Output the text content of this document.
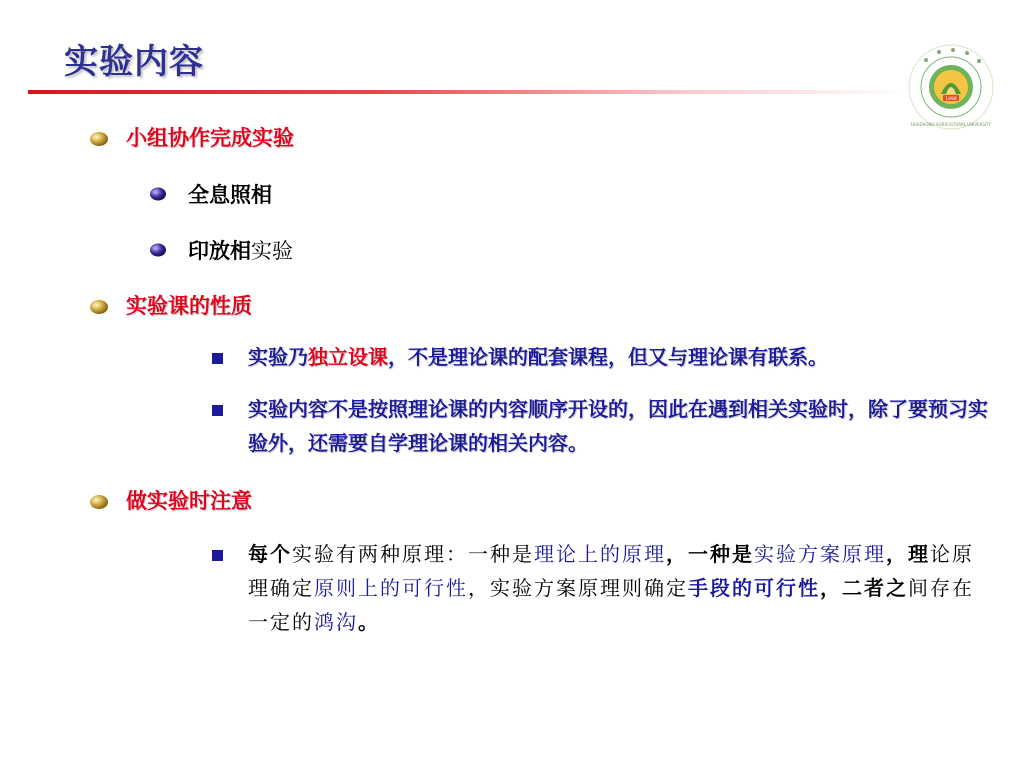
实验内容
1898
HUAZHONG AGRICULTURAL UNIVERSITY
小组协作完成实验
全息照相
印放相实验
实验课的性质
实验乃独立设课，不是理论课的配套课程，但又与理论课有联系。
实验内容不是按照理论课的内容顺序开设的，因此在遇到相关实验时，除了要预习实验外，还需要自学理论课的相关内容。
做实验时注意
每个实验有两种原理：一种是理论上的原理，一种是实验方案原理，理论原理确定原则上的可行性，实验方案原理则确定手段的可行性，二者之间存在一定的鸿沟。
